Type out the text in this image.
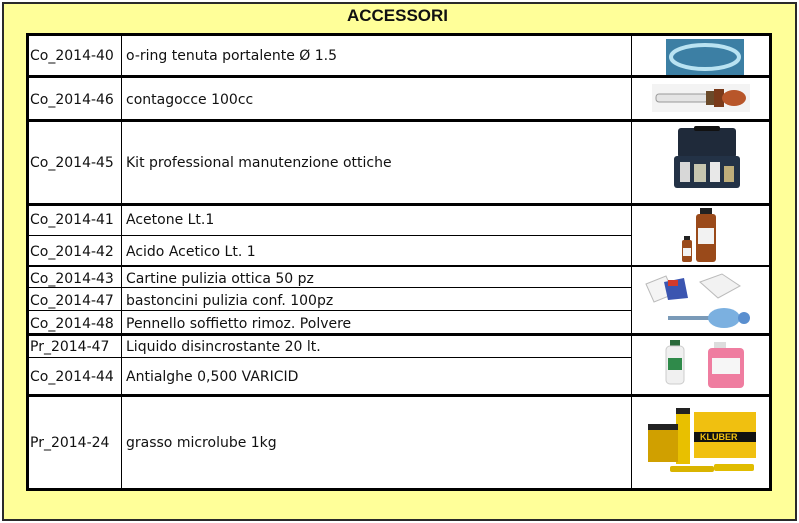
ACCESSORI
Co_2014-40 o-ring tenuta portalente Ø 1.5
Co_2014-46 contagocce 100cc
Co_2014-45 Kit professional manutenzione ottiche
Co_2014-41 Acetone Lt.1
Co_2014-42 Acido Acetico Lt. 1
Co_2014-43 Cartine pulizia ottica 50 pz
Co_2014-47 bastoncini pulizia conf. 100pz
Co_2014-48 Pennello soffietto rimoz. Polvere
Pr_2014-47 Liquido disincrostante 20 lt.
Co_2014-44 Antialghe 0,500 VARICID
Pr_2014-24 grasso microlube 1kg	KLUBER
